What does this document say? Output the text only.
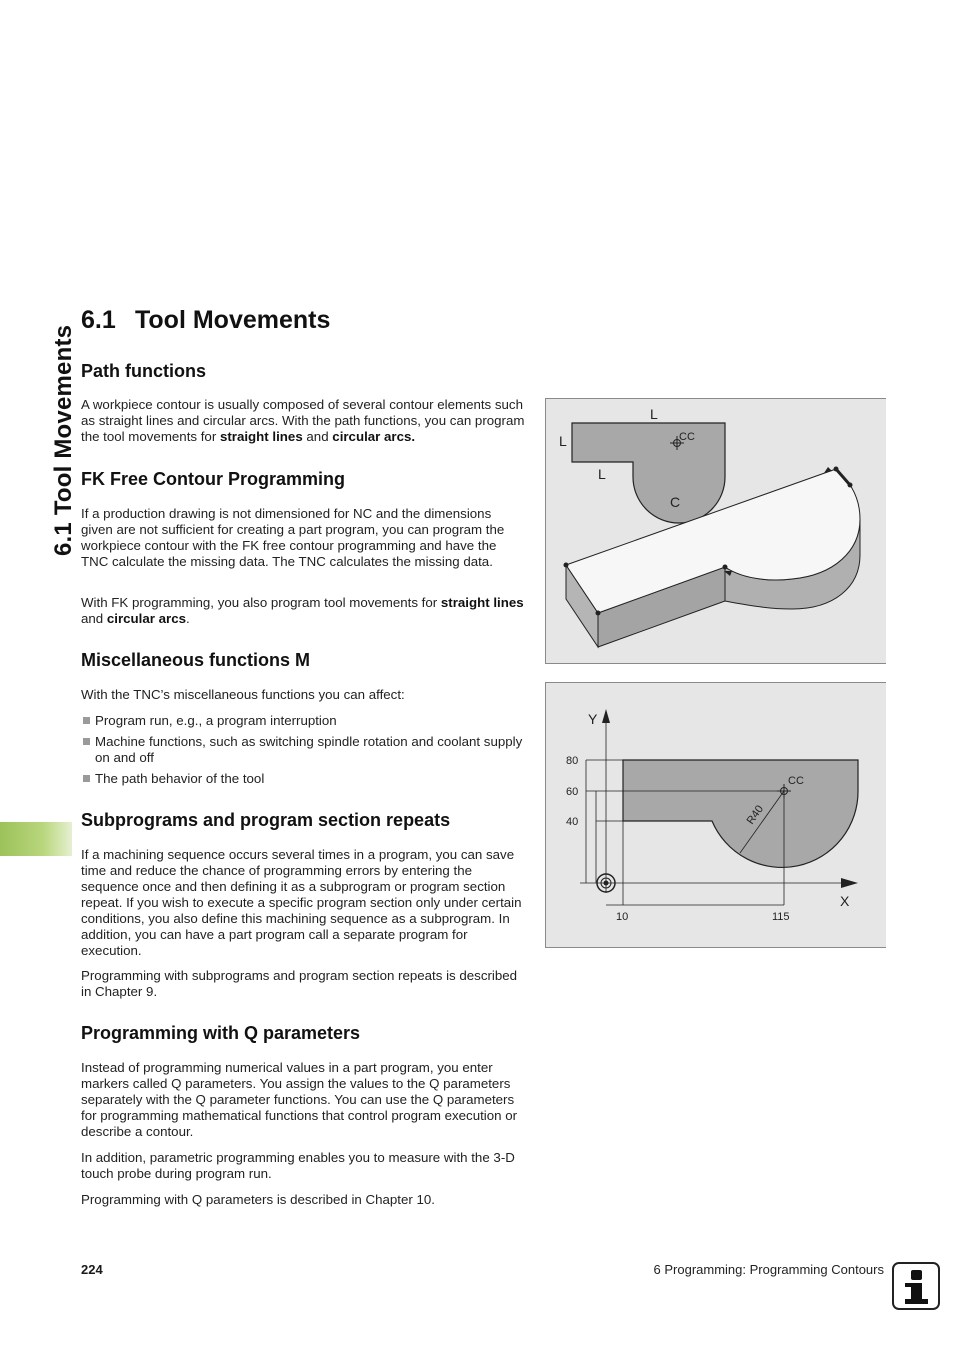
6.1 Tool Movements
6.1 Tool Movements
Path functions

A workpiece contour is usually composed of several contour elements such as straight lines and circular arcs. With the path functions, you can program the tool movements for straight lines and circular arcs.

FK Free Contour Programming

If a production drawing is not dimensioned for NC and the dimensions given are not sufficient for creating a part program, you can program the workpiece contour with the FK free contour programming and have the TNC calculate the missing data. The TNC calculates the missing data.

With FK programming, you also program tool movements for straight lines and circular arcs.

Miscellaneous functions M

With the TNC’s miscellaneous functions you can affect:

Program run, e.g., a program interruption
Machine functions, such as switching spindle rotation and coolant supply on and off
The path behavior of the tool
Subprograms and program section repeats

If a machining sequence occurs several times in a program, you can save time and reduce the chance of programming errors by entering the sequence once and then defining it as a subprogram or program section repeat. If you wish to execute a specific program section only under certain conditions, you also define this machining sequence as a subprogram. In addition, you can have a part program call a separate program for execution.

Programming with subprograms and program section repeats is described in Chapter 9.

Programming with Q parameters

Instead of programming numerical values in a part program, you enter markers called Q parameters. You assign the values to the Q parameters separately with the Q parameter functions. You can use the Q parameters for programming mathematical functions that control program execution or describe a contour.

In addition, parametric programming enables you to measure with the 3-D touch probe during program run.

Programming with Q parameters is described in Chapter 10.

L
L
L
C
CC
Y
X
80
60
40
10	115
CC
R40
224	6 Programming: Programming Contours
